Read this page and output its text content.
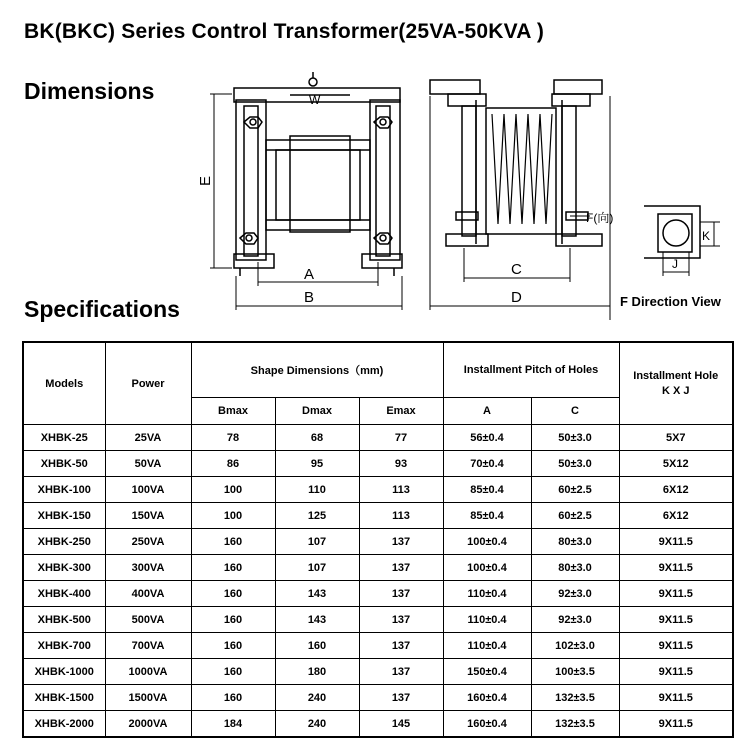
BK(BKC) Series Control Transformer(25VA-50KVA )
Dimensions
Specifications	F Direction View
W
E
A
B
C
D
F(向)
K
J
Models	Power	Shape Dimensions（mm)			Installment Pitch of Holes		Installment Hole
K X J

		Bmax	Dmax	Emax	A	C	
XHBK-25	25VA	78	68	77	56±0.4	50±3.0	5X7
XHBK-50	50VA	86	95	93	70±0.4	50±3.0	5X12
XHBK-100	100VA	100	110	113	85±0.4	60±2.5	6X12
XHBK-150	150VA	100	125	113	85±0.4	60±2.5	6X12
XHBK-250	250VA	160	107	137	100±0.4	80±3.0	9X11.5
XHBK-300	300VA	160	107	137	100±0.4	80±3.0	9X11.5
XHBK-400	400VA	160	143	137	110±0.4	92±3.0	9X11.5
XHBK-500	500VA	160	143	137	110±0.4	92±3.0	9X11.5
XHBK-700	700VA	160	160	137	110±0.4	102±3.0	9X11.5
XHBK-1000	1000VA	160	180	137	150±0.4	100±3.5	9X11.5
XHBK-1500	1500VA	160	240	137	160±0.4	132±3.5	9X11.5
XHBK-2000	2000VA	184	240	145	160±0.4	132±3.5	9X11.5
